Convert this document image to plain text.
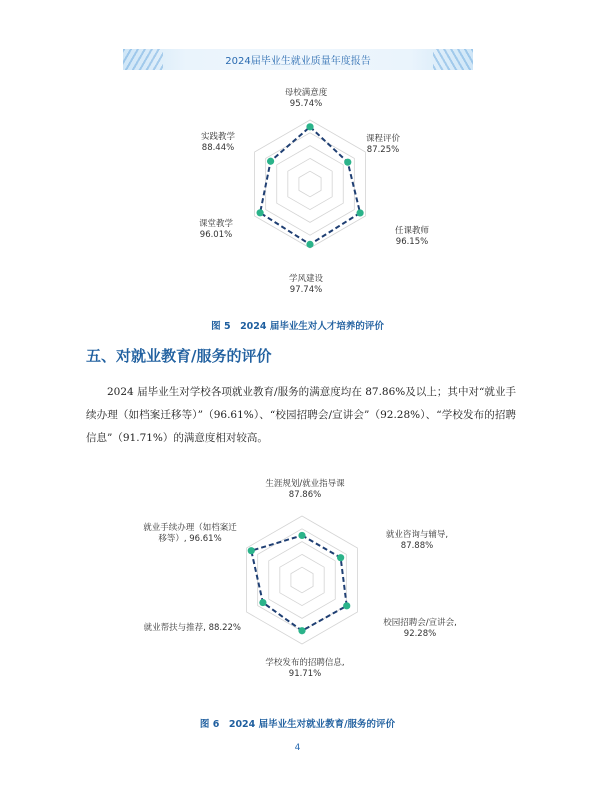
2024届毕业生就业质量年度报告
母校满意度 95.74%
课程评价 87.25%
任课教师 96.15%
学风建设 97.74%
课堂教学 96.01%
实践教学 88.44%
图 5　2024 届毕业生对人才培养的评价
五、对就业教育/服务的评价
2024 届毕业生对学校各项就业教育/服务的满意度均在 87.86%及以上；其中对“就业手续办理（如档案迁移等）”（96.61%）、“校园招聘会/宣讲会”（92.28%）、“学校发布的招聘信息”（91.71%）的满意度相对较高。
生涯规划/就业指导课 87.86%
就业咨询与辅导, 87.88%
校园招聘会/宣讲会, 92.28%
学校发布的招聘信息, 91.71%
就业帮扶与推荐, 88.22%
就业手续办理（如档案迁移等）, 96.61%
图 6　2024 届毕业生对就业教育/服务的评价
4
